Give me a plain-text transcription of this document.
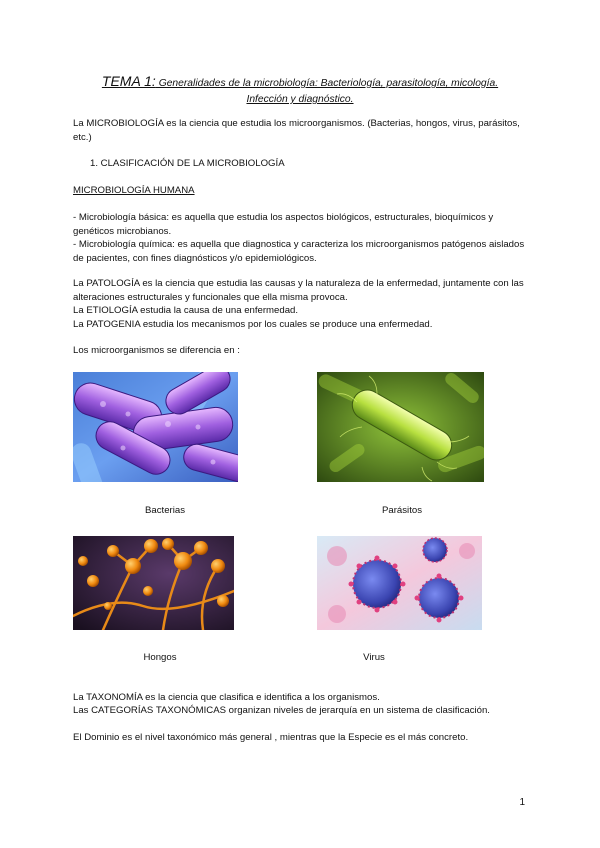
TEMA 1: Generalidades de la microbiología: Bacteriología, parasitología, micología.
Infección y diagnóstico.
La MICROBIOLOGÍA es la ciencia que estudia los microorganismos. (Bacterias, hongos, virus, parásitos, etc.)
1. CLASIFICACIÓN DE LA MICROBIOLOGÍA
MICROBIOLOGÍA HUMANA
- Microbiología básica: es aquella que estudia los aspectos biológicos, estructurales, bioquímicos y genéticos microbianos.
- Microbiología química: es aquella que diagnostica y caracteriza los microorganismos patógenos aislados de pacientes, con fines diagnósticos y/o epidemiológicos.
La PATOLOGÍA es la ciencia que estudia las causas y la naturaleza de la enfermedad, juntamente con las alteraciones estructurales y funcionales que ella misma provoca.
La ETIOLOGÍA estudia la causa de una enfermedad.
La PATOGENIA estudia los mecanismos por los cuales se produce una enfermedad.
Los microorganismos se diferencia en :
Bacterias	Parásitos
Hongos	Virus
La TAXONOMÍA es la ciencia que clasifica e identifica a los organismos.
Las CATEGORÍAS TAXONÓMICAS organizan niveles de jerarquía en un sistema de clasificación.
El Dominio es el nivel taxonómico más general , mientras que la Especie es el más concreto.
1
